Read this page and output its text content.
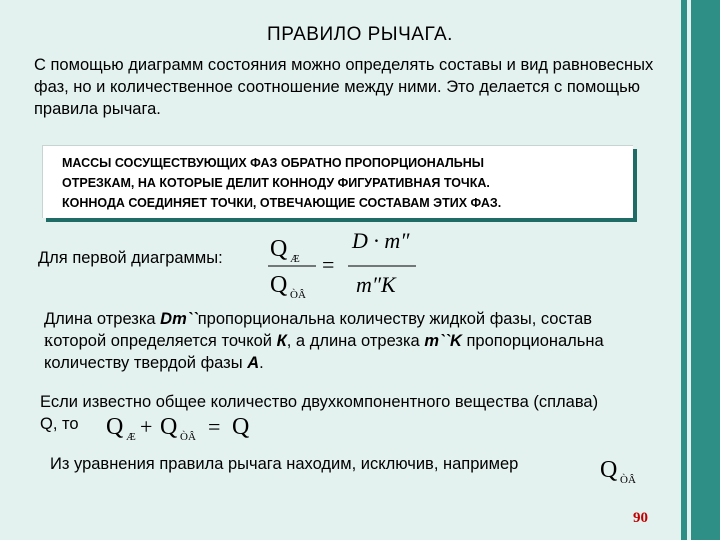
ПРАВИЛО РЫЧАГА.
С помощью диаграмм состояния можно определять составы и вид равновесных фаз, но и количественное соотношение между ними. Это делается с помощью правила рычага.
МАССЫ СОСУЩЕСТВУЮЩИХ ФАЗ ОБРАТНО ПРОПОРЦИОНАЛЬНЫ
ОТРЕЗКАМ, НА КОТОРЫЕ ДЕЛИТ КОННОДУ ФИГУРАТИВНАЯ ТОЧКА.
КОННОДА СОЕДИНЯЕТ ТОЧКИ, ОТВЕЧАЮЩИЕ СОСТАВАМ ЭТИХ ФАЗ.
Для первой диаграммы: Q Æ
Q ÒÂ
=
D · m″
m″K
Длина отрезка Dm``пропорциональна количеству жидкой фазы, состав
которой определяется точкой К, а длина отрезка m``K пропорциональна
количеству твердой фазы А.
Если известно общее количество двухкомпонентного вещества (сплава)
Q, то	Q Æ + Q ÒÂ = Q
Из уравнения правила рычага находим, исключив, например	Q ÒÂ
90
